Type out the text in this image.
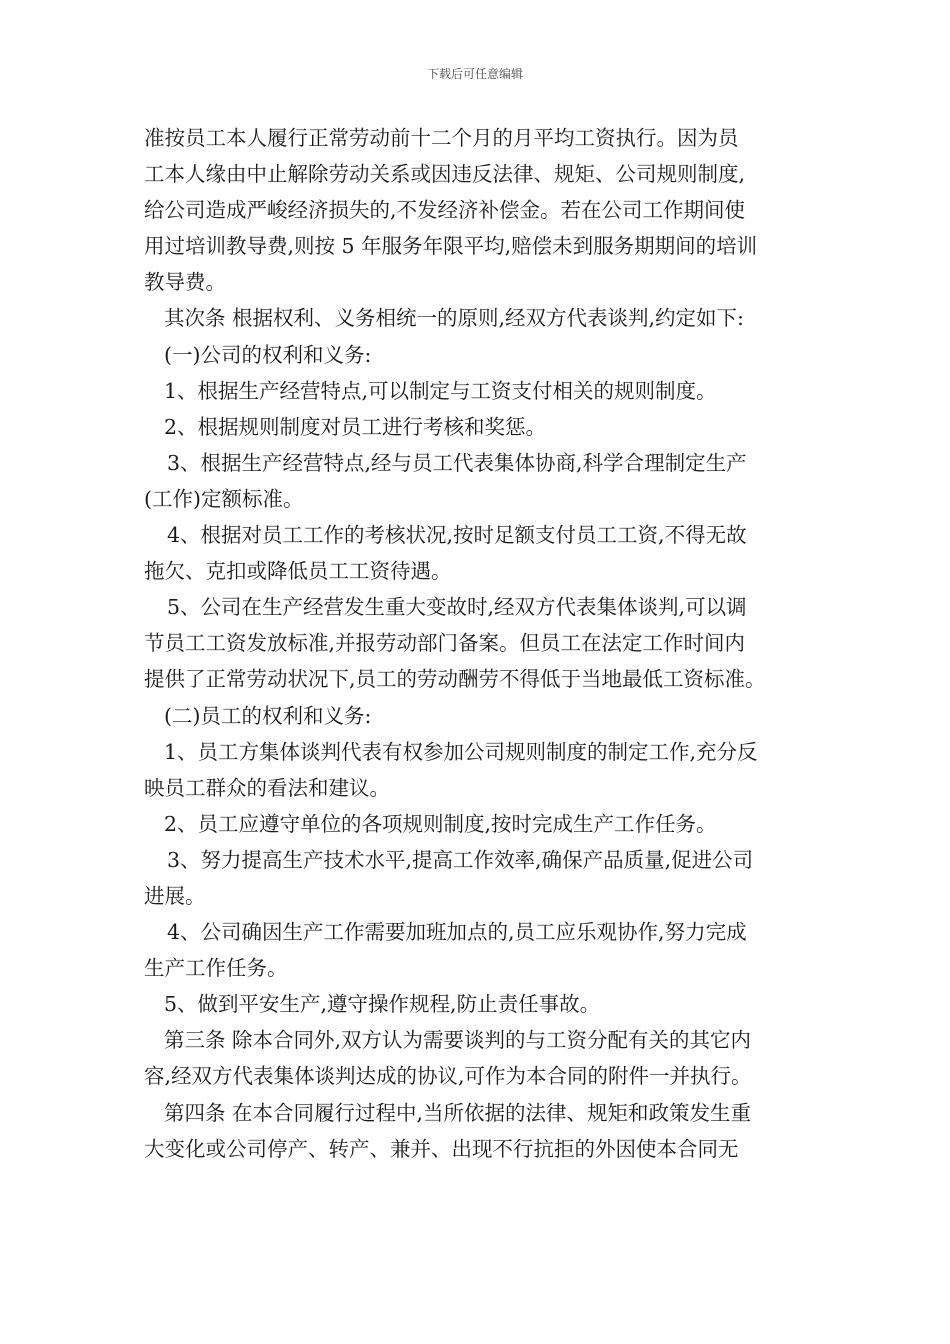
下载后可任意编辑
准按员工本人履行正常劳动前十二个月的月平均工资执行。因为员
工本人缘由中止解除劳动关系或因违反法律、规矩、公司规则制度,
给公司造成严峻经济损失的,不发经济补偿金。若在公司工作期间使
用过培训教导费,则按 5 年服务年限平均,赔偿未到服务期期间的培训
教导费。
其次条 根据权利、义务相统一的原则,经双方代表谈判,约定如下:
(一)公司的权利和义务:
1、根据生产经营特点,可以制定与工资支付相关的规则制度。
2、根据规则制度对员工进行考核和奖惩。
3、根据生产经营特点,经与员工代表集体协商,科学合理制定生产
(工作)定额标准。
4、根据对员工工作的考核状况,按时足额支付员工工资,不得无故
拖欠、克扣或降低员工工资待遇。
5、公司在生产经营发生重大变故时,经双方代表集体谈判,可以调
节员工工资发放标准,并报劳动部门备案。但员工在法定工作时间内
提供了正常劳动状况下,员工的劳动酬劳不得低于当地最低工资标准。
(二)员工的权利和义务:
1、员工方集体谈判代表有权参加公司规则制度的制定工作,充分反
映员工群众的看法和建议。
2、员工应遵守单位的各项规则制度,按时完成生产工作任务。
3、努力提高生产技术水平,提高工作效率,确保产品质量,促进公司
进展。
4、公司确因生产工作需要加班加点的,员工应乐观协作,努力完成
生产工作任务。
5、做到平安生产,遵守操作规程,防止责任事故。
第三条 除本合同外,双方认为需要谈判的与工资分配有关的其它内
容,经双方代表集体谈判达成的协议,可作为本合同的附件一并执行。
第四条 在本合同履行过程中,当所依据的法律、规矩和政策发生重
大变化或公司停产、转产、兼并、出现不行抗拒的外因使本合同无
